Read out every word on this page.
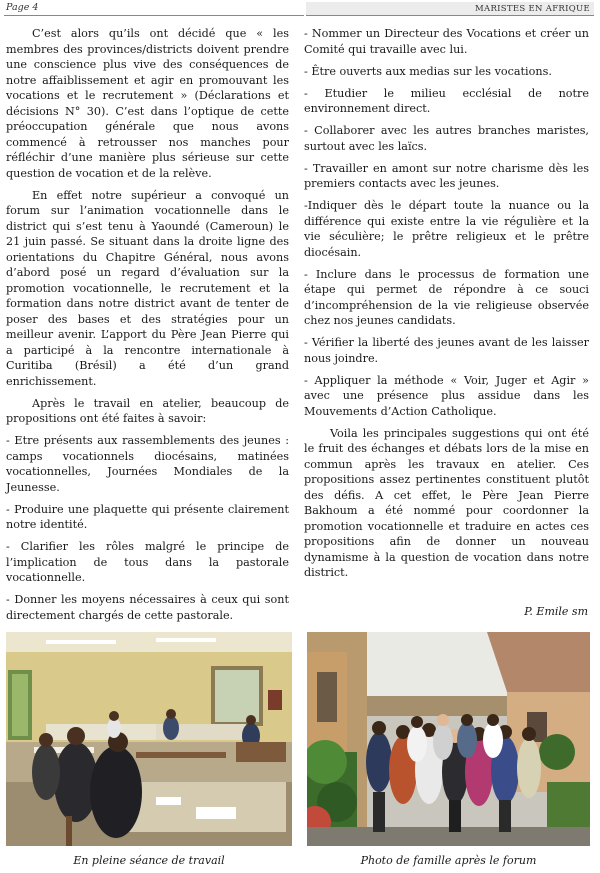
Page 4	MARISTES EN AFRIQUE

C’est alors qu’ils ont décidé que « les membres des provinces/districts doivent prendre une conscience plus vive des conséquences de notre affaiblissement et agir en promouvant les vocations et le recrutement » (Déclarations et décisions N° 30). C’est dans l’optique de cette préoccupation générale que nous avons commencé à retrousser nos manches pour réfléchir d’une manière plus sérieuse sur cette question de vocation et de la relève.

En effet notre supérieur a convoqué un forum sur l’animation vocationnelle dans le district qui s’est tenu à Yaoundé (Cameroun) le 21 juin passé. Se situant dans la droite ligne des orientations du Chapitre Général, nous avons d’abord posé un regard d’évaluation sur la promotion vocationnelle, le recrutement et la formation dans notre district avant de tenter de poser des bases et des stratégies pour un meilleur avenir. L’apport du Père Jean Pierre qui a participé à la rencontre internationale à Curitiba (Brésil) a été d’un grand enrichissement.

Après le travail en atelier, beaucoup de propositions ont été faites à savoir:

- Etre présents aux rassemblements des jeunes : camps vocationnels diocésains, matinées vocationnelles, Journées Mondiales de la Jeunesse.

- Produire une plaquette qui présente clairement notre identité.

- Clarifier les rôles malgré le principe de l’implication de tous dans la pastorale vocationnelle.

- Donner les moyens nécessaires à ceux qui sont directement chargés de cette pastorale.

- Nommer un Directeur des Vocations et créer un Comité qui travaille avec lui.

- Être ouverts aux medias sur les vocations.

- Etudier le milieu ecclésial de notre environnement direct.

- Collaborer avec les autres branches maristes, surtout avec les laïcs.

- Travailler en amont sur notre charisme dès les premiers contacts avec les jeunes.

-Indiquer dès le départ toute la nuance ou la différence qui existe entre la vie régulière et la vie séculière; le prêtre religieux et le prêtre diocésain.

- Inclure dans le processus de formation une étape qui permet de répondre à ce souci d’incompréhension de la vie religieuse observée chez nos jeunes candidats.

- Vérifier la liberté des jeunes avant de les laisser nous joindre.

- Appliquer la méthode « Voir, Juger et Agir » avec une présence plus assidue dans les Mouvements d’Action Catholique.

Voila les principales suggestions qui ont été le fruit des échanges et débats lors de la mise en commun après les travaux en atelier. Ces propositions assez pertinentes constituent plutôt des défis. A cet effet, le Père Jean Pierre Bakhoum a été nommé pour coordonner la promotion vocationnelle et traduire en actes ces propositions afin de donner un nouveau dynamisme à la question de vocation dans notre district.

P. Emile sm
En pleine séance de travail	Photo de famille après le forum
